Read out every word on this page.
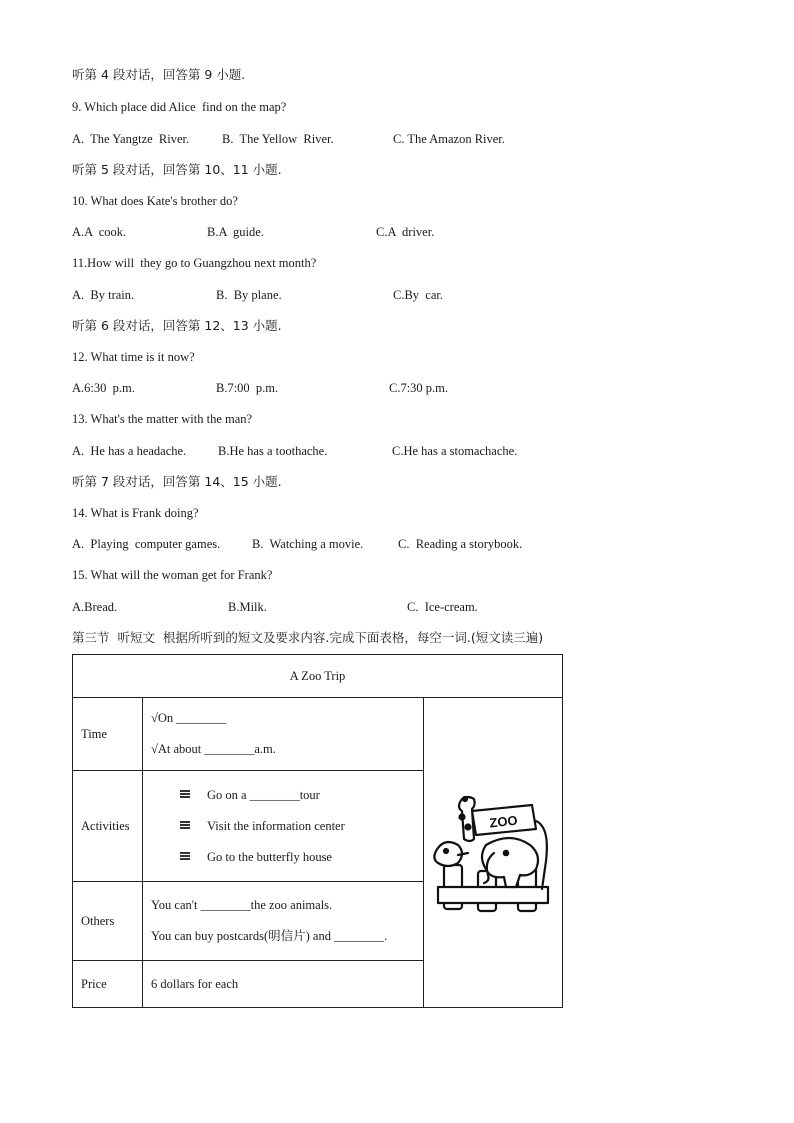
听第 4 段对话，回答第 9 小题.
9. Which place did Alice  find on the map?
A.  The Yangtze  River.	B.  The Yellow  River.	C. The Amazon River.
听第 5 段对话，回答第 10、11 小题.
10. What does Kate's brother do?
A.A  cook.	B.A  guide.	C.A  driver.
11.How will  they go to Guangzhou next month?
A.  By train.	B.  By plane.	C.By  car.
听第 6 段对话，回答第 12、13 小题.
12. What time is it now?
A.6:30  p.m.	B.7:00  p.m.	C.7:30 p.m.
13. What's the matter with the man?
A.  He has a headache.	B.He has a toothache.	C.He has a stomachache.
听第 7 段对话，回答第 14、15 小题.
14. What is Frank doing?
A.  Playing  computer games.	B.  Watching a movie.	C.  Reading a storybook.
15. What will the woman get for Frank?
A.Bread.	B.Milk.	C.  Ice-cream.
第三节  听短文  根据所听到的短文及要求内容.完成下面表格，每空一词.(短文读三遍)
A Zoo Trip		
Time	√On ________
√At about ________a.m.	ZOO

Activities	Go on a ________tour
Visit the information center
Go to the butterfly house	

Others	You can't ________the zoo animals.
You can buy postcards(明信片) and ________.	

Price	6 dollars for each	
